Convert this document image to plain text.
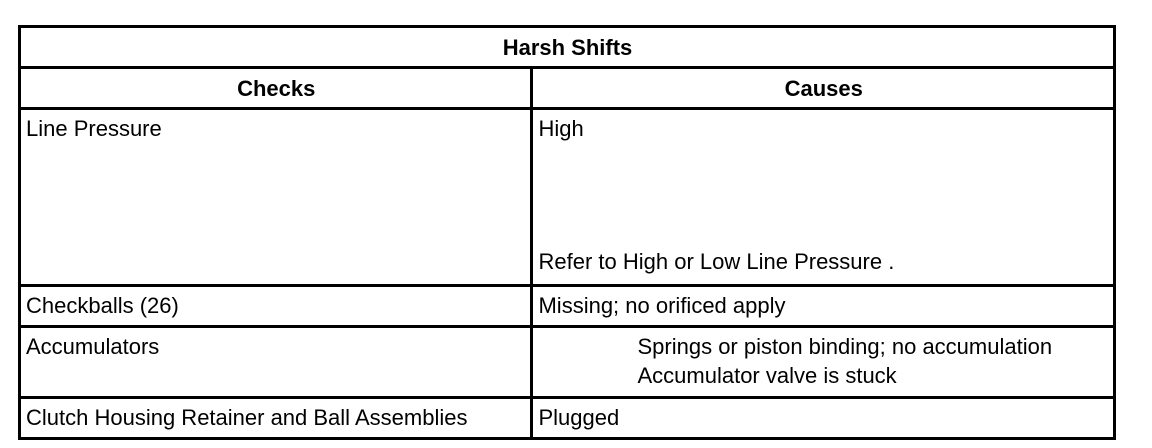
Harsh Shifts	
Checks	Causes

Line Pressure	High
Refer to High or Low Line Pressure .

Checkballs (26)	Missing; no orificed apply

Accumulators	Springs or piston binding; no accumulation
Accumulator valve is stuck

Clutch Housing Retainer and Ball Assemblies	Plugged
